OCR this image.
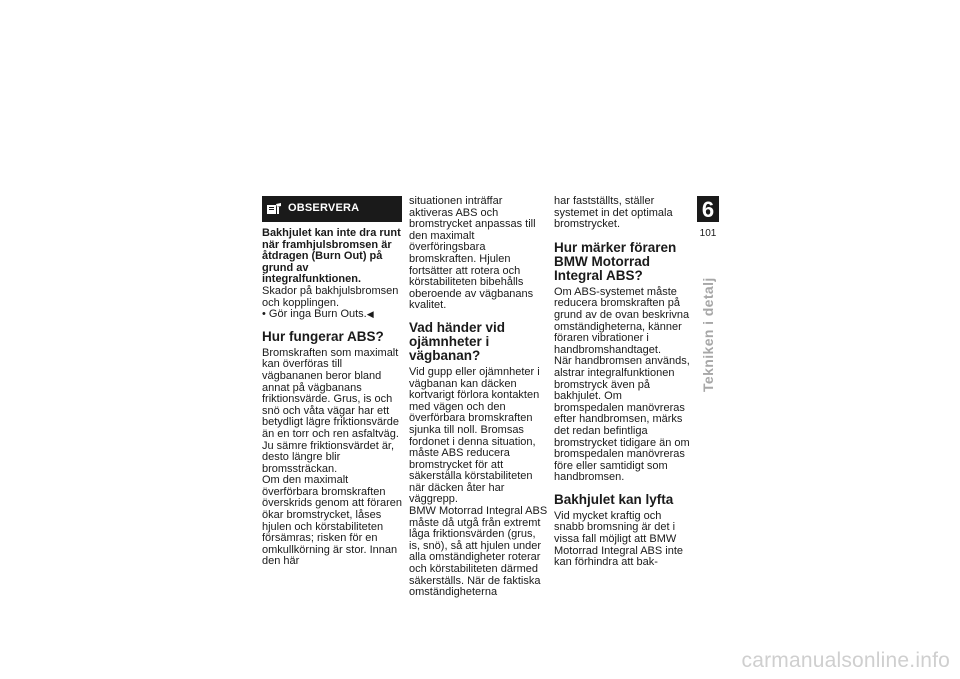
OBSERVERA

Bakhjulet kan inte dra runt när framhjulsbromsen är åtdragen (Burn Out) på grund av integralfunktionen.

Skador på bakhjulsbromsen och kopplingen.

• Gör inga Burn Outs.◀

Hur fungerar ABS?

Bromskraften som maximalt kan överföras till vägbananen beror bland annat på vägbanans friktionsvärde. Grus, is och snö och våta vägar har ett betydligt lägre friktionsvärde än en torr och ren asfaltväg. Ju sämre friktionsvärdet är, desto längre blir bromssträckan.

Om den maximalt överförbara bromskraften överskrids genom att föraren ökar bromstrycket, låses hjulen och körstabiliteten försämras; risken för en omkullkörning är stor. Innan den här

situationen inträffar aktiveras ABS och bromstrycket anpassas till den maximalt överföringsbara bromskraften. Hjulen fortsätter att rotera och körstabiliteten bibehålls oberoende av vägbanans kvalitet.

Vad händer vid ojämnheter i vägbanan?

Vid gupp eller ojämnheter i vägbanan kan däcken kortvarigt förlora kontakten med vägen och den överförbara bromskraften sjunka till noll. Bromsas fordonet i denna situation, måste ABS reducera bromstrycket för att säkerställa körstabiliteten när däcken åter har väggrepp.

BMW Motorrad Integral ABS måste då utgå från extremt låga friktionsvärden (grus, is, snö), så att hjulen under alla omständigheter roterar och körstabiliteten därmed säkerställs. När de faktiska omständigheterna

har fastställts, ställer systemet in det optimala bromstrycket.

Hur märker föraren BMW Motorrad Integral ABS?

Om ABS-systemet måste reducera bromskraften på grund av de ovan beskrivna omständigheterna, känner föraren vibrationer i handbromshandtaget.

När handbromsen används, alstrar integralfunktionen bromstryck även på bakhjulet. Om bromspedalen manövreras efter handbromsen, märks det redan befintliga bromstrycket tidigare än om bromspedalen manövreras före eller samtidigt som handbromsen.

Bakhjulet kan lyfta

Vid mycket kraftig och snabb bromsning är det i vissa fall möjligt att BMW Motorrad Integral ABS inte kan förhindra att bak-

6
101
Tekniken i detalj
carmanualsonline.info
